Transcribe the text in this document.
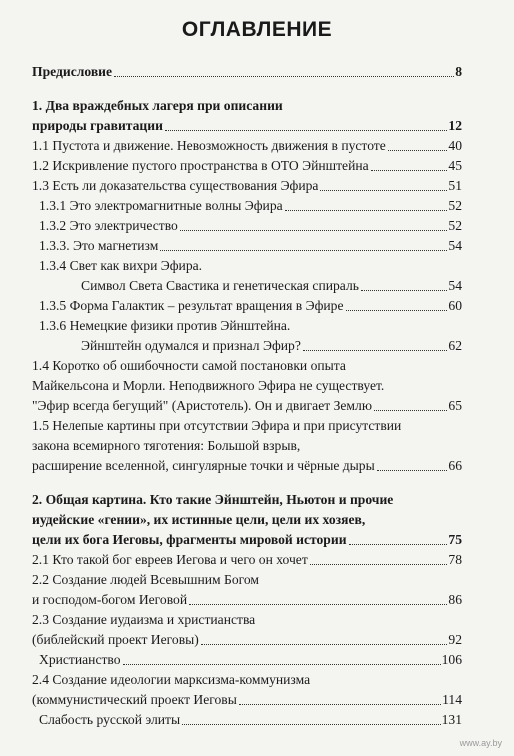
ОГЛАВЛЕНИЕ
Предисловие	8
1. Два враждебных лагеря при описании
природы гравитации	12
1.1 Пустота и движение. Невозможность движения в пустоте	40
1.2 Искривление пустого пространства в ОТО Эйнштейна	45
1.3 Есть ли доказательства существования Эфира	51
1.3.1 Это электромагнитные волны Эфира	52
1.3.2 Это электричество	52
1.3.3. Это магнетизм	54
1.3.4 Свет как вихри Эфира.
Символ Света Свастика и генетическая спираль	54
1.3.5 Форма Галактик – результат вращения в Эфире	60
1.3.6 Немецкие физики против Эйнштейна.
Эйнштейн одумался и признал Эфир?	62
1.4 Коротко об ошибочности самой постановки опыта
Майкельсона и Морли. Неподвижного Эфира не существует.
"Эфир всегда бегущий" (Аристотель). Он и двигает Землю	65
1.5 Нелепые картины при отсутствии Эфира и при присутствии
закона всемирного тяготения: Большой взрыв,
расширение вселенной, сингулярные точки и чёрные дыры	66
2. Общая картина. Кто такие Эйнштейн, Ньютон и прочие
иудейские «гении», их истинные цели, цели их хозяев,
цели их бога Иеговы, фрагменты мировой истории	75
2.1 Кто такой бог евреев Иегова и чего он хочет	78
2.2 Создание людей Всевышним Богом
и господом-богом Иеговой	86
2.3 Создание иудаизма и христианства
(библейский проект Иеговы)	92
Христианство	106
2.4 Создание идеологии марксизма-коммунизма
(коммунистический проект Иеговы	114
Слабость русской элиты	131
www.ay.by
